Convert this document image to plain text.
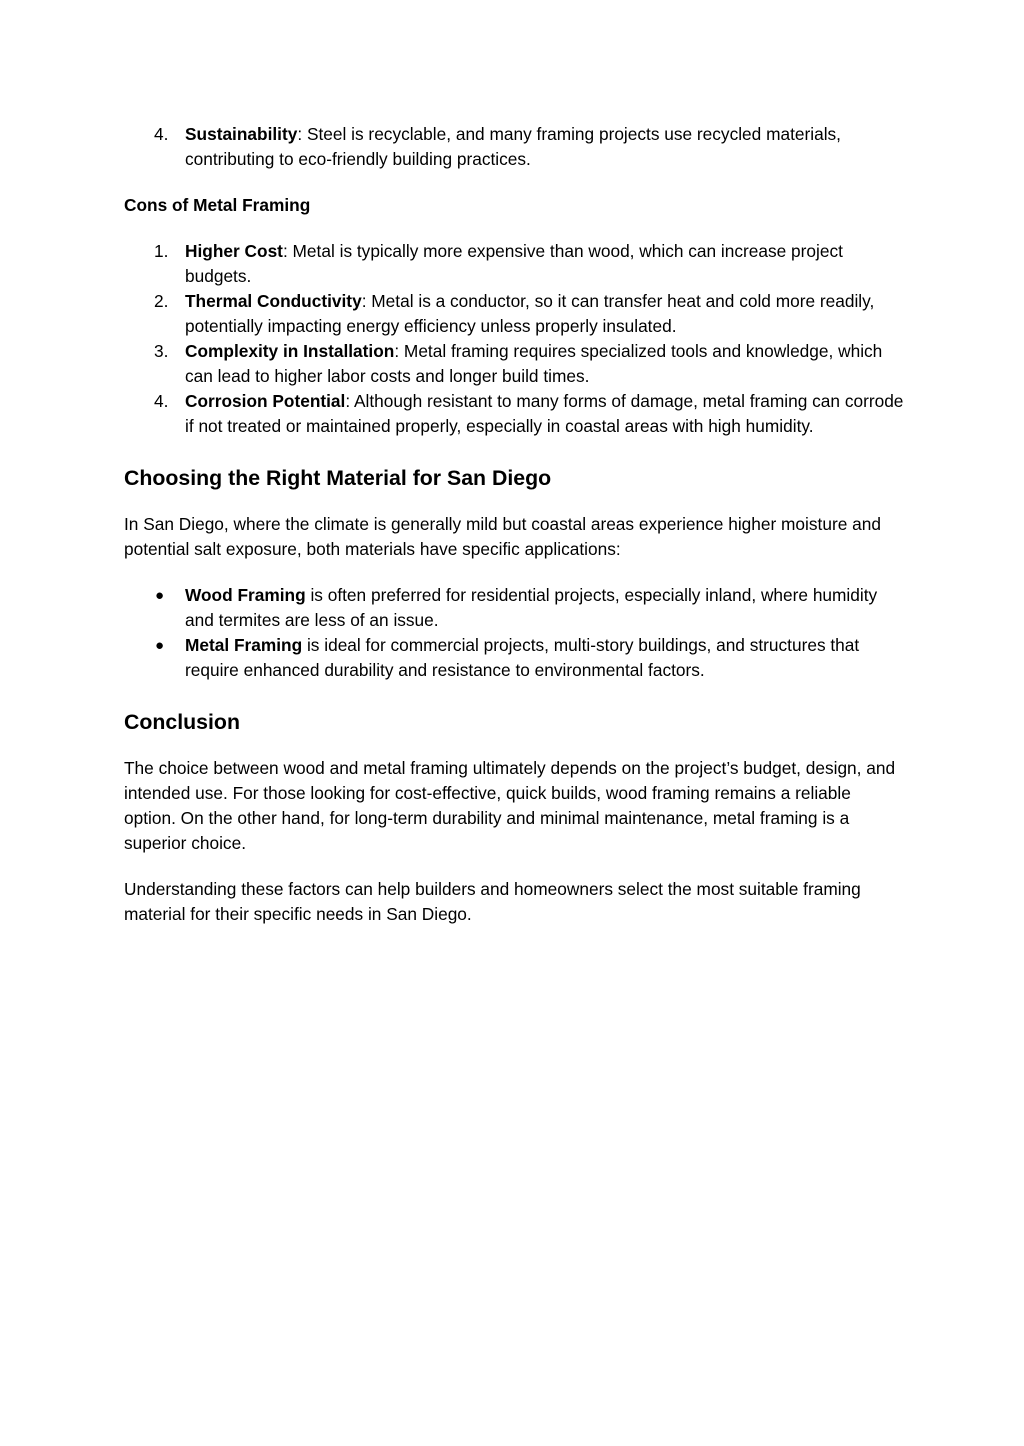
4. Sustainability: Steel is recyclable, and many framing projects use recycled materials, contributing to eco-friendly building practices.
Cons of Metal Framing
1. Higher Cost: Metal is typically more expensive than wood, which can increase project budgets.
2. Thermal Conductivity: Metal is a conductor, so it can transfer heat and cold more readily, potentially impacting energy efficiency unless properly insulated.
3. Complexity in Installation: Metal framing requires specialized tools and knowledge, which can lead to higher labor costs and longer build times.
4. Corrosion Potential: Although resistant to many forms of damage, metal framing can corrode if not treated or maintained properly, especially in coastal areas with high humidity.
Choosing the Right Material for San Diego

In San Diego, where the climate is generally mild but coastal areas experience higher moisture and potential salt exposure, both materials have specific applications:

● Wood Framing is often preferred for residential projects, especially inland, where humidity and termites are less of an issue.
● Metal Framing is ideal for commercial projects, multi-story buildings, and structures that require enhanced durability and resistance to environmental factors.
Conclusion

The choice between wood and metal framing ultimately depends on the project’s budget, design, and intended use. For those looking for cost-effective, quick builds, wood framing remains a reliable option. On the other hand, for long-term durability and minimal maintenance, metal framing is a superior choice.

Understanding these factors can help builders and homeowners select the most suitable framing material for their specific needs in San Diego.
